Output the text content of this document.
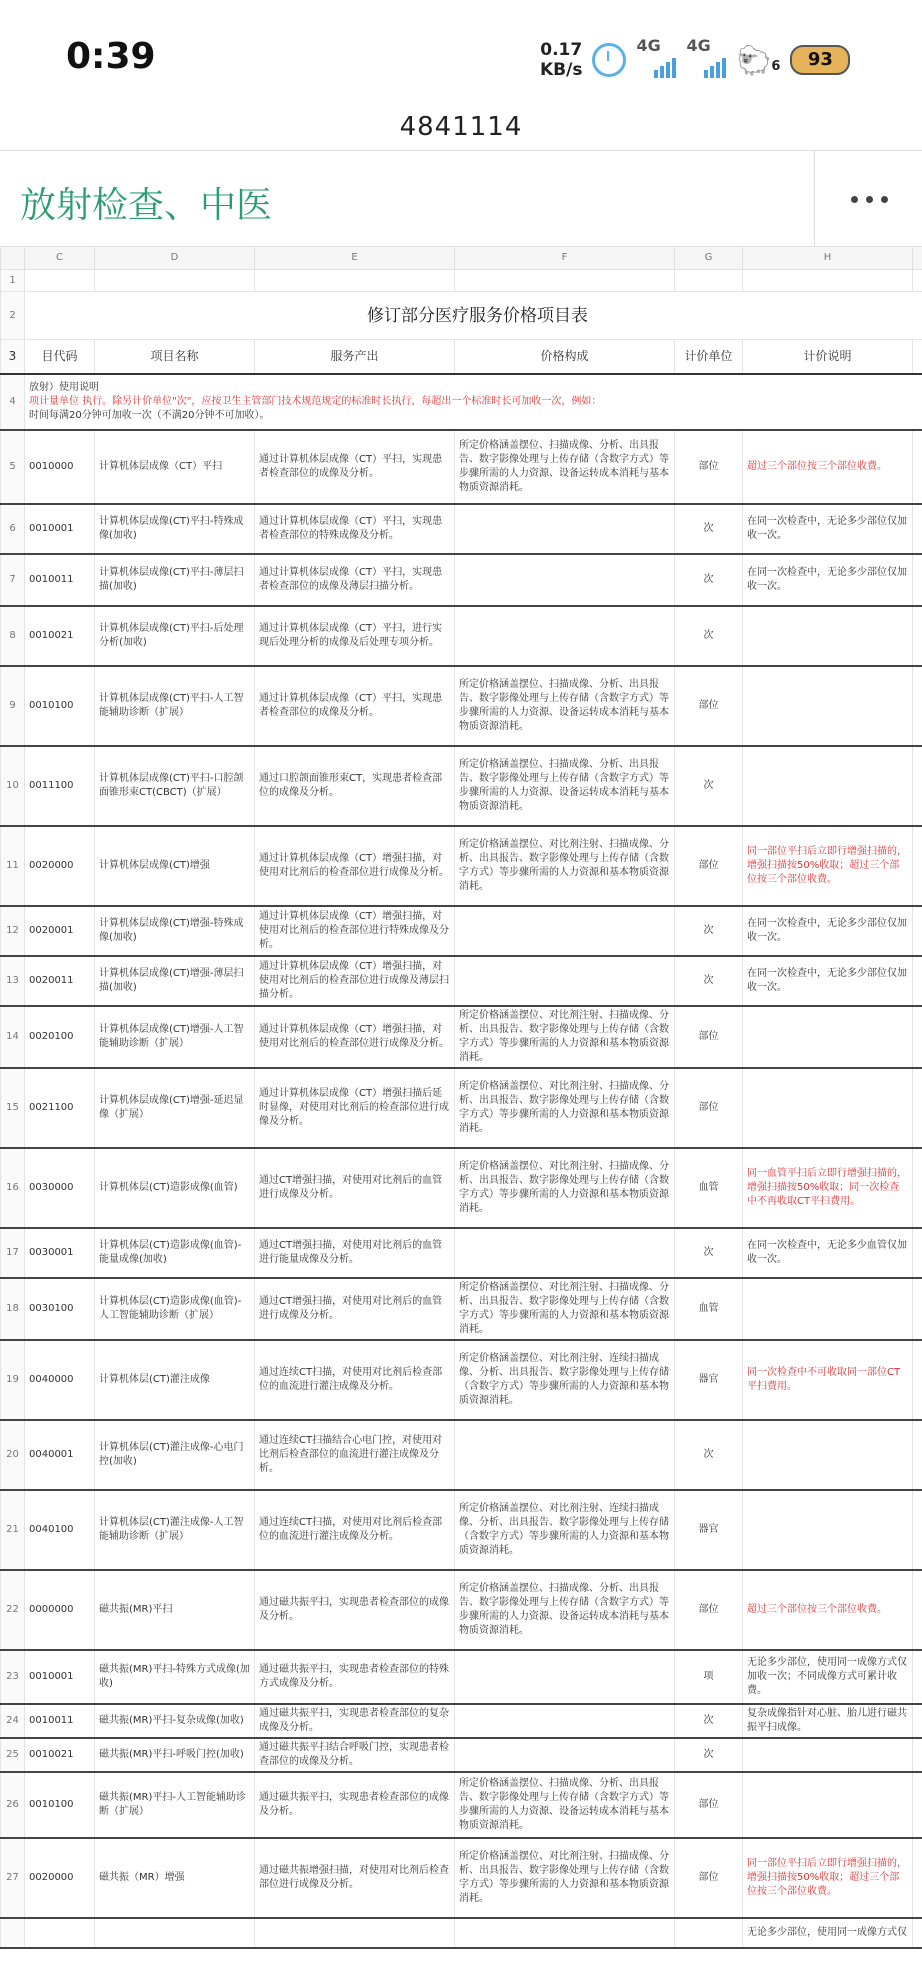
0:39	0.17
KB/s
4G 4G 🐑6	93
4841114
放射检查、中医
	C	D	E	F	G	H	
1							
2	修订部分医疗服务价格项目表						
3	目代码	项目名称	服务产出	价格构成	计价单位	计价说明	
4	放射）使用说明
项计量单位 执行。除另计价单位"次"，应按卫生主管部门技术规范规定的标准时长执行，每超出一个标准时长可加收一次，例如：
时间每满20分钟可加收一次（不满20分钟不可加收）。						

5	0010000	计算机体层成像（CT）平扫	通过计算机体层成像（CT）平扫，实现患者检查部位的成像及分析。	所定价格涵盖摆位、扫描成像、分析、出具报告、数字影像处理与上传存储（含数字方式）等步骤所需的人力资源、设备运转成本消耗与基本物质资源消耗。	部位	超过三个部位按三个部位收费。	
6	0010001	计算机体层成像(CT)平扫-特殊成像(加收)	通过计算机体层成像（CT）平扫，实现患者检查部位的特殊成像及分析。		次	在同一次检查中，无论多少部位仅加收一次。	
7	0010011	计算机体层成像(CT)平扫-薄层扫描(加收)	通过计算机体层成像（CT）平扫，实现患者检查部位的成像及薄层扫描分析。		次	在同一次检查中，无论多少部位仅加收一次。	
8	0010021	计算机体层成像(CT)平扫-后处理分析(加收)	通过计算机体层成像（CT）平扫，进行实现后处理分析的成像及后处理专项分析。		次		
9	0010100	计算机体层成像(CT)平扫-人工智能辅助诊断（扩展）	通过计算机体层成像（CT）平扫，实现患者检查部位的成像及分析。	所定价格涵盖摆位、扫描成像、分析、出具报告、数字影像处理与上传存储（含数字方式）等步骤所需的人力资源、设备运转成本消耗与基本物质资源消耗。	部位		
10	0011100	计算机体层成像(CT)平扫-口腔颌面锥形束CT(CBCT)（扩展）	通过口腔颌面锥形束CT，实现患者检查部位的成像及分析。	所定价格涵盖摆位、扫描成像、分析、出具报告、数字影像处理与上传存储（含数字方式）等步骤所需的人力资源、设备运转成本消耗与基本物质资源消耗。	次		
11	0020000	计算机体层成像(CT)增强	通过计算机体层成像（CT）增强扫描，对使用对比剂后的检查部位进行成像及分析。	所定价格涵盖摆位、对比剂注射、扫描成像、分析、出具报告、数字影像处理与上传存储（含数字方式）等步骤所需的人力资源和基本物质资源消耗。	部位	同一部位平扫后立即行增强扫描的，增强扫描按50%收取；超过三个部位按三个部位收费。	
12	0020001	计算机体层成像(CT)增强-特殊成像(加收)	通过计算机体层成像（CT）增强扫描，对使用对比剂后的检查部位进行特殊成像及分析。		次	在同一次检查中，无论多少部位仅加收一次。	
13	0020011	计算机体层成像(CT)增强-薄层扫描(加收)	通过计算机体层成像（CT）增强扫描，对使用对比剂后的检查部位进行成像及薄层扫描分析。		次	在同一次检查中，无论多少部位仅加收一次。	
14	0020100	计算机体层成像(CT)增强-人工智能辅助诊断（扩展）	通过计算机体层成像（CT）增强扫描，对使用对比剂后的检查部位进行成像及分析。	所定价格涵盖摆位、对比剂注射、扫描成像、分析、出具报告、数字影像处理与上传存储（含数字方式）等步骤所需的人力资源和基本物质资源消耗。	部位		
15	0021100	计算机体层成像(CT)增强-延迟显像（扩展）	通过计算机体层成像（CT）增强扫描后延时显像，对使用对比剂后的检查部位进行成像及分析。	所定价格涵盖摆位、对比剂注射、扫描成像、分析、出具报告、数字影像处理与上传存储（含数字方式）等步骤所需的人力资源和基本物质资源消耗。	部位		
16	0030000	计算机体层(CT)造影成像(血管)	通过CT增强扫描，对使用对比剂后的血管进行成像及分析。	所定价格涵盖摆位、对比剂注射、扫描成像、分析、出具报告、数字影像处理与上传存储（含数字方式）等步骤所需的人力资源和基本物质资源消耗。	血管	同一血管平扫后立即行增强扫描的，增强扫描按50%收取；同一次检查中不再收取CT平扫费用。	
17	0030001	计算机体层(CT)造影成像(血管)-能量成像(加收)	通过CT增强扫描，对使用对比剂后的血管进行能量成像及分析。		次	在同一次检查中，无论多少血管仅加收一次。	
18	0030100	计算机体层(CT)造影成像(血管)-人工智能辅助诊断（扩展）	通过CT增强扫描，对使用对比剂后的血管进行成像及分析。	所定价格涵盖摆位、对比剂注射、扫描成像、分析、出具报告、数字影像处理与上传存储（含数字方式）等步骤所需的人力资源和基本物质资源消耗。	血管		
19	0040000	计算机体层(CT)灌注成像	通过连续CT扫描，对使用对比剂后检查部位的血流进行灌注成像及分析。	所定价格涵盖摆位、对比剂注射、连续扫描成像、分析、出具报告、数字影像处理与上传存储（含数字方式）等步骤所需的人力资源和基本物质资源消耗。	器官	同一次检查中不可收取同一部位CT平扫费用。	
20	0040001	计算机体层(CT)灌注成像-心电门控(加收)	通过连续CT扫描结合心电门控，对使用对比剂后检查部位的血流进行灌注成像及分析。		次		
21	0040100	计算机体层(CT)灌注成像-人工智能辅助诊断（扩展）	通过连续CT扫描，对使用对比剂后检查部位的血流进行灌注成像及分析。	所定价格涵盖摆位、对比剂注射、连续扫描成像、分析、出具报告、数字影像处理与上传存储（含数字方式）等步骤所需的人力资源和基本物质资源消耗。	器官		
22	0000000	磁共振(MR)平扫	通过磁共振平扫，实现患者检查部位的成像及分析。	所定价格涵盖摆位、扫描成像、分析、出具报告、数字影像处理与上传存储（含数字方式）等步骤所需的人力资源、设备运转成本消耗与基本物质资源消耗。	部位	超过三个部位按三个部位收费。	
23	0010001	磁共振(MR)平扫-特殊方式成像(加收)	通过磁共振平扫，实现患者检查部位的特殊方式成像及分析。		项	无论多少部位，使用同一成像方式仅加收一次；不同成像方式可累计收费。	
24	0010011	磁共振(MR)平扫-复杂成像(加收)	通过磁共振平扫，实现患者检查部位的复杂成像及分析。		次	复杂成像指针对心脏、胎儿进行磁共振平扫成像。	
25	0010021	磁共振(MR)平扫-呼吸门控(加收)	通过磁共振平扫结合呼吸门控，实现患者检查部位的成像及分析。		次		
26	0010100	磁共振(MR)平扫-人工智能辅助诊断（扩展）	通过磁共振平扫，实现患者检查部位的成像及分析。	所定价格涵盖摆位、扫描成像、分析、出具报告、数字影像处理与上传存储（含数字方式）等步骤所需的人力资源、设备运转成本消耗与基本物质资源消耗。	部位		
27	0020000	磁共振（MR）增强	通过磁共振增强扫描，对使用对比剂后检查部位进行成像及分析。	所定价格涵盖摆位、对比剂注射、扫描成像、分析、出具报告、数字影像处理与上传存储（含数字方式）等步骤所需的人力资源和基本物质资源消耗。	部位	同一部位平扫后立即行增强扫描的，增强扫描按50%收取；超过三个部位按三个部位收费。	
						无论多少部位，使用同一成像方式仅	
